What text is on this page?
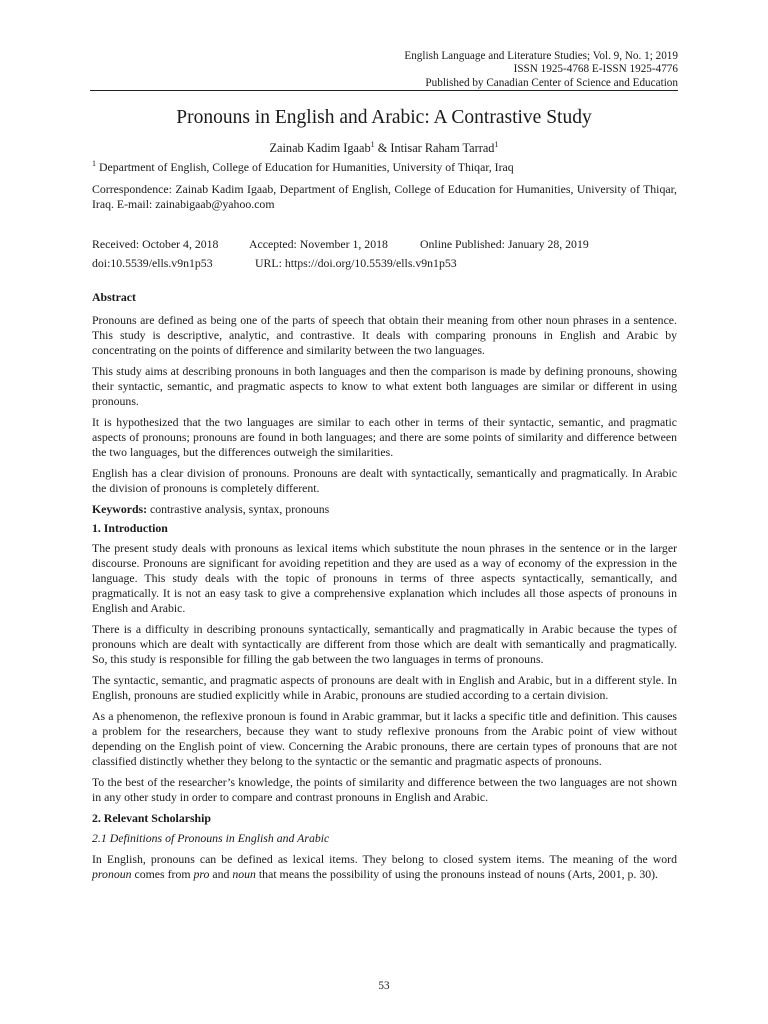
English Language and Literature Studies; Vol. 9, No. 1; 2019
ISSN 1925-4768 E-ISSN 1925-4776
Published by Canadian Center of Science and Education
Pronouns in English and Arabic: A Contrastive Study
Zainab Kadim Igaab$^1$ & Intisar Raham Tarrad$^1$

$^1$ Department of English, College of Education for Humanities, University of Thiqar, Iraq

Correspondence: Zainab Kadim Igaab, Department of English, College of Education for Humanities, University of Thiqar, Iraq. E-mail: zainabigaab@yahoo.com

Received: October 4, 2018	Accepted: November 1, 2018	Online Published: January 28, 2019

doi:10.5539/ells.v9n1p53	URL: https://doi.org/10.5539/ells.v9n1p53

Abstract

Pronouns are defined as being one of the parts of speech that obtain their meaning from other noun phrases in a sentence. This study is descriptive, analytic, and contrastive. It deals with comparing pronouns in English and Arabic by concentrating on the points of difference and similarity between the two languages.

This study aims at describing pronouns in both languages and then the comparison is made by defining pronouns, showing their syntactic, semantic, and pragmatic aspects to know to what extent both languages are similar or different in using pronouns.

It is hypothesized that the two languages are similar to each other in terms of their syntactic, semantic, and pragmatic aspects of pronouns; pronouns are found in both languages; and there are some points of similarity and difference between the two languages, but the differences outweigh the similarities.

English has a clear division of pronouns. Pronouns are dealt with syntactically, semantically and pragmatically. In Arabic the division of pronouns is completely different.

Keywords: contrastive analysis, syntax, pronouns

1. Introduction

The present study deals with pronouns as lexical items which substitute the noun phrases in the sentence or in the larger discourse. Pronouns are significant for avoiding repetition and they are used as a way of economy of the expression in the language. This study deals with the topic of pronouns in terms of three aspects syntactically, semantically, and pragmatically. It is not an easy task to give a comprehensive explanation which includes all those aspects of pronouns in English and Arabic.

There is a difficulty in describing pronouns syntactically, semantically and pragmatically in Arabic because the types of pronouns which are dealt with syntactically are different from those which are dealt with semantically and pragmatically. So, this study is responsible for filling the gab between the two languages in terms of pronouns.

The syntactic, semantic, and pragmatic aspects of pronouns are dealt with in English and Arabic, but in a different style. In English, pronouns are studied explicitly while in Arabic, pronouns are studied according to a certain division.

As a phenomenon, the reflexive pronoun is found in Arabic grammar, but it lacks a specific title and definition. This causes a problem for the researchers, because they want to study reflexive pronouns from the Arabic point of view without depending on the English point of view. Concerning the Arabic pronouns, there are certain types of pronouns that are not classified distinctly whether they belong to the syntactic or the semantic and pragmatic aspects of pronouns.

To the best of the researcher’s knowledge, the points of similarity and difference between the two languages are not shown in any other study in order to compare and contrast pronouns in English and Arabic.

2. Relevant Scholarship

2.1 Definitions of Pronouns in English and Arabic

In English, pronouns can be defined as lexical items. They belong to closed system items. The meaning of the word pronoun comes from pro and noun that means the possibility of using the pronouns instead of nouns (Arts, 2001, p. 30).

53
